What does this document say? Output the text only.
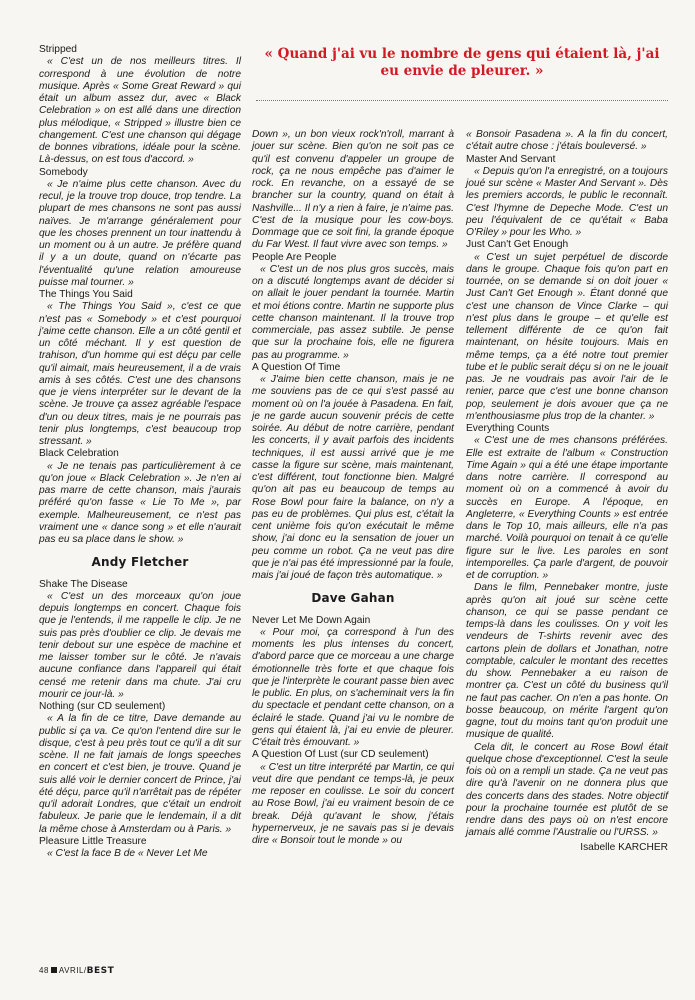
« Quand j'ai vu le nombre de gens qui étaient là, j'ai eu envie de pleurer. »

Stripped

« C'est un de nos meilleurs titres. Il correspond à une évolution de notre musique. Après « Some Great Reward » qui était un album assez dur, avec « Black Celebration » on est allé dans une direction plus mélodique, « Stripped » illustre bien ce changement. C'est une chanson qui dégage de bonnes vibrations, idéale pour la scène. Là-dessus, on est tous d'accord. »

Somebody

« Je n'aime plus cette chanson. Avec du recul, je la trouve trop douce, trop tendre. La plupart de mes chansons ne sont pas aussi naïves. Je m'arrange généralement pour que les choses prennent un tour inattendu à un moment ou à un autre. Je préfère quand il y a un doute, quand on n'écarte pas l'éventualité qu'une relation amoureuse puisse mal tourner. »

The Things You Said

« The Things You Said », c'est ce que n'est pas « Somebody » et c'est pourquoi j'aime cette chanson. Elle a un côté gentil et un côté méchant. Il y est question de trahison, d'un homme qui est déçu par celle qu'il aimait, mais heureusement, il a de vrais amis à ses côtés. C'est une des chansons que je viens interpréter sur le devant de la scène. Je trouve ça assez agréable l'espace d'un ou deux titres, mais je ne pourrais pas tenir plus longtemps, c'est beaucoup trop stressant. »

Black Celebration

« Je ne tenais pas particulièrement à ce qu'on joue « Black Celebration ». Je n'en ai pas marre de cette chanson, mais j'aurais préféré qu'on fasse « Lie To Me », par exemple. Malheureusement, ce n'est pas vraiment une « dance song » et elle n'aurait pas eu sa place dans le show. »

Andy Fletcher

Shake The Disease

« C'est un des morceaux qu'on joue depuis longtemps en concert. Chaque fois que je l'entends, il me rappelle le clip. Je ne suis pas près d'oublier ce clip. Je devais me tenir debout sur une espèce de machine et me laisser tomber sur le côté. Je n'avais aucune confiance dans l'appareil qui était censé me retenir dans ma chute. J'ai cru mourir ce jour-là. »

Nothing (sur CD seulement)

« A la fin de ce titre, Dave demande au public si ça va. Ce qu'on l'entend dire sur le disque, c'est à peu près tout ce qu'il a dit sur scène. Il ne fait jamais de longs speeches en concert et c'est bien, je trouve. Quand je suis allé voir le dernier concert de Prince, j'ai été déçu, parce qu'il n'arrêtait pas de répéter qu'il adorait Londres, que c'était un endroit fabuleux. Je parie que le lendemain, il a dit la même chose à Amsterdam ou à Paris. »

Pleasure Little Treasure

« C'est la face B de « Never Let Me

Down », un bon vieux rock'n'roll, marrant à jouer sur scène. Bien qu'on ne soit pas ce qu'il est convenu d'appeler un groupe de rock, ça ne nous empêche pas d'aimer le rock. En revanche, on a essayé de se brancher sur la country, quand on était à Nashville... Il n'y a rien à faire, je n'aime pas. C'est de la musique pour les cow-boys. Dommage que ce soit fini, la grande époque du Far West. Il faut vivre avec son temps. »

People Are People

« C'est un de nos plus gros succès, mais on a discuté longtemps avant de décider si on allait le jouer pendant la tournée. Martin et moi étions contre. Martin ne supporte plus cette chanson maintenant. Il la trouve trop commerciale, pas assez subtile. Je pense que sur la prochaine fois, elle ne figurera pas au programme. »

A Question Of Time

« J'aime bien cette chanson, mais je ne me souviens pas de ce qui s'est passé au moment où on l'a jouée à Pasadena. En fait, je ne garde aucun souvenir précis de cette soirée. Au début de notre carrière, pendant les concerts, il y avait parfois des incidents techniques, il est aussi arrivé que je me casse la figure sur scène, mais maintenant, c'est différent, tout fonctionne bien. Malgré qu'on ait pas eu beaucoup de temps au Rose Bowl pour faire la balance, on n'y a pas eu de problèmes. Qui plus est, c'était la cent unième fois qu'on exécutait le même show, j'ai donc eu la sensation de jouer un peu comme un robot. Ça ne veut pas dire que je n'ai pas été impressionné par la foule, mais j'ai joué de façon très automatique. »

Dave Gahan

Never Let Me Down Again

« Pour moi, ça correspond à l'un des moments les plus intenses du concert, d'abord parce que ce morceau a une charge émotionnelle très forte et que chaque fois que je l'interprète le courant passe bien avec le public. En plus, on s'acheminait vers la fin du spectacle et pendant cette chanson, on a éclairé le stade. Quand j'ai vu le nombre de gens qui étaient là, j'ai eu envie de pleurer. C'était très émouvant. »

A Question Of Lust (sur CD seulement)

« C'est un titre interprété par Martin, ce qui veut dire que pendant ce temps-là, je peux me reposer en coulisse. Le soir du concert au Rose Bowl, j'ai eu vraiment besoin de ce break. Déjà qu'avant le show, j'étais hypernerveux, je ne savais pas si je devais dire « Bonsoir tout le monde » ou

« Bonsoir Pasadena ». A la fin du concert, c'était autre chose : j'étais bouleversé. »

Master And Servant

« Depuis qu'on l'a enregistré, on a toujours joué sur scène « Master And Servant ». Dès les premiers accords, le public le reconnaît. C'est l'hymne de Depeche Mode. C'est un peu l'équivalent de ce qu'était « Baba O'Riley » pour les Who. »

Just Can't Get Enough

« C'est un sujet perpétuel de discorde dans le groupe. Chaque fois qu'on part en tournée, on se demande si on doit jouer « Just Can't Get Enough ». Étant donné que c'est une chanson de Vince Clarke – qui n'est plus dans le groupe – et qu'elle est tellement différente de ce qu'on fait maintenant, on hésite toujours. Mais en même temps, ça a été notre tout premier tube et le public serait déçu si on ne le jouait pas. Je ne voudrais pas avoir l'air de le renier, parce que c'est une bonne chanson pop, seulement je dois avouer que ça ne m'enthousiasme plus trop de la chanter. »

Everything Counts

« C'est une de mes chansons préférées. Elle est extraite de l'album « Construction Time Again » qui a été une étape importante dans notre carrière. Il correspond au moment où on a commencé à avoir du succès en Europe. A l'époque, en Angleterre, « Everything Counts » est entrée dans le Top 10, mais ailleurs, elle n'a pas marché. Voilà pourquoi on tenait à ce qu'elle figure sur le live. Les paroles en sont intemporelles. Ça parle d'argent, de pouvoir et de corruption. »

Dans le film, Pennebaker montre, juste après qu'on ait joué sur scène cette chanson, ce qui se passe pendant ce temps-là dans les coulisses. On y voit les vendeurs de T-shirts revenir avec des cartons plein de dollars et Jonathan, notre comptable, calculer le montant des recettes du show. Pennebaker a eu raison de montrer ça. C'est un côté du business qu'il ne faut pas cacher. On n'en a pas honte. On bosse beaucoup, on mérite l'argent qu'on gagne, tout du moins tant qu'on produit une musique de qualité.

Cela dit, le concert au Rose Bowl était quelque chose d'exceptionnel. C'est la seule fois où on a rempli un stade. Ça ne veut pas dire qu'à l'avenir on ne donnera plus que des concerts dans des stades. Notre objectif pour la prochaine tournée est plutôt de se rendre dans des pays où on n'est encore jamais allé comme l'Australie ou l'URSS. »

Isabelle KARCHER

48 AVRIL/BEST
